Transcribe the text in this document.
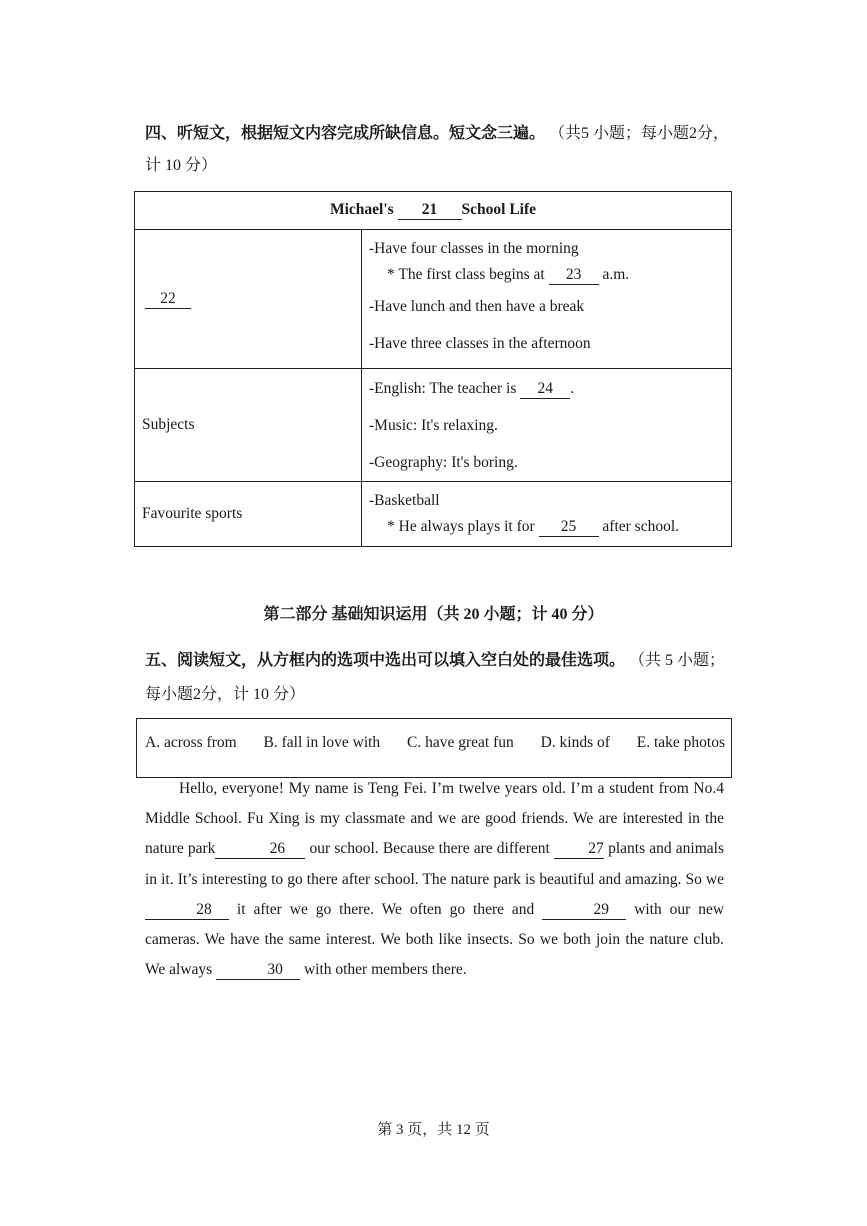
四、听短文，根据短文内容完成所缺信息。短文念三遍。 （共5 小题；每小题2分，计 10 分）
Michael's 21 School Life	
22	-Have four classes in the morning
* The first class begins at 23 a.m.
-Have lunch and then have a break
-Have three classes in the afternoon

Subjects	-English: The teacher is 24 .
-Music: It's relaxing.
-Geography: It's boring.

Favourite sports	-Basketball
* He always plays it for 25 after school.
第二部分 基础知识运用（共 20 小题；计 40 分）
五、阅读短文，从方框内的选项中选出可以填入空白处的最佳选项。 （共 5 小题；每小题2分，计 10 分）
A. across from B. fall in love with C. have great fun D. kinds of E. take photos

Hello, everyone! My name is Teng Fei. I’m twelve years old. I’m a student from No.4 Middle School. Fu Xing is my classmate and we are good friends. We are interested in the nature park	26 our school. Because there are different 27 plants and animals in it. It’s interesting to go there after school. The nature park is beautiful and amazing. So we 28 it after we go there. We often go there and	29 with our new cameras. We have the same interest. We both like insects. So we both join the nature club. We always	30 with other members there.

第 3 页，共 12 页
